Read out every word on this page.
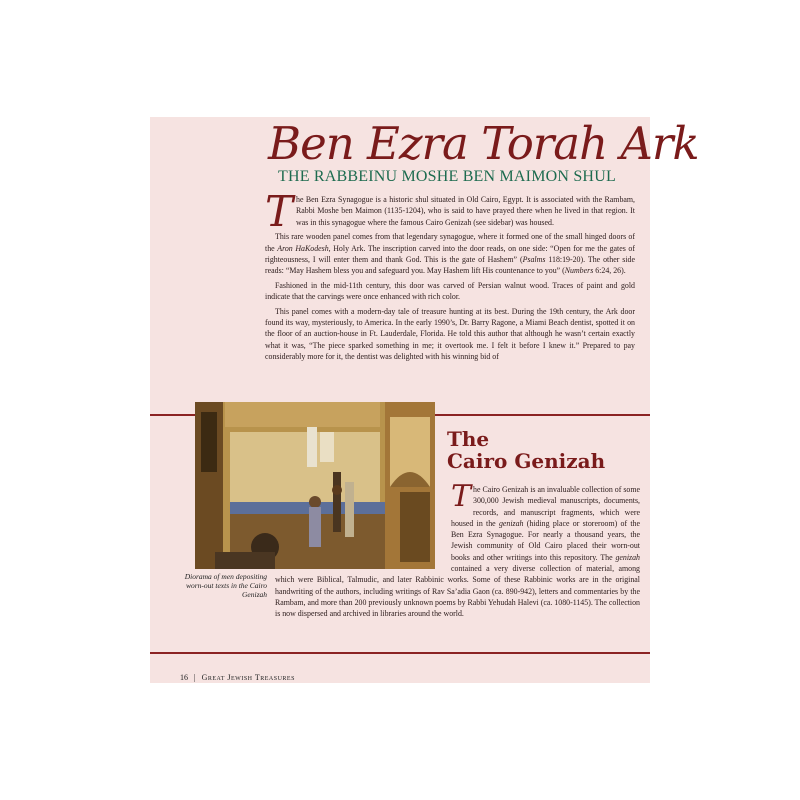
Ben Ezra Torah Ark
THE RABBEINU MOSHE BEN MAIMON SHUL

The Ben Ezra Synagogue is a historic shul situated in Old Cairo, Egypt. It is associated with the Rambam, Rabbi Moshe ben Maimon (1135-1204), who is said to have prayed there when he lived in that region. It was in this synagogue where the famous Cairo Genizah (see sidebar) was housed.

This rare wooden panel comes from that legendary synagogue, where it formed one of the small hinged doors of the Aron HaKodesh, Holy Ark. The inscription carved into the door reads, on one side: “Open for me the gates of righteousness, I will enter them and thank God. This is the gate of Hashem” (Psalms 118:19-20). The other side reads: “May Hashem bless you and safeguard you. May Hashem lift His countenance to you” (Numbers 6:24, 26).

Fashioned in the mid-11th century, this door was carved of Persian walnut wood. Traces of paint and gold indicate that the carvings were once enhanced with rich color.

This panel comes with a modern-day tale of treasure hunting at its best. During the 19th century, the Ark door found its way, mysteriously, to America. In the early 1990’s, Dr. Barry Ragone, a Miami Beach dentist, spotted it on the floor of an auction-house in Ft. Lauderdale, Florida. He told this author that although he wasn’t certain exactly what it was, “The piece sparked something in me; it overtook me. I felt it before I knew it.” Prepared to pay considerably more for it, the dentist was delighted with his winning bid of

Diorama of men depositing worn-out texts in the Cairo Genizah
The
Cairo Genizah
The Cairo Genizah is an invaluable collection of some 300,000 Jewish medieval manuscripts, documents, records, and manuscript fragments, which were housed in the genizah (hiding place or storeroom) of the Ben Ezra Synagogue. For nearly a thousand years, the Jewish community of Old Cairo placed their worn-out books and other writings into this repository. The genizah contained a very diverse collection of material, among which were Biblical, Talmudic, and later Rabbinic works. Some of these Rabbinic works are in the original handwriting of the authors, including writings of Rav Sa’adia Gaon (ca. 890-942), letters and commentaries by the Rambam, and more than 200 previously unknown poems by Rabbi Yehudah Halevi (ca. 1080-1145). The collection is now dispersed and archived in libraries around the world.
16 | Great Jewish Treasures
